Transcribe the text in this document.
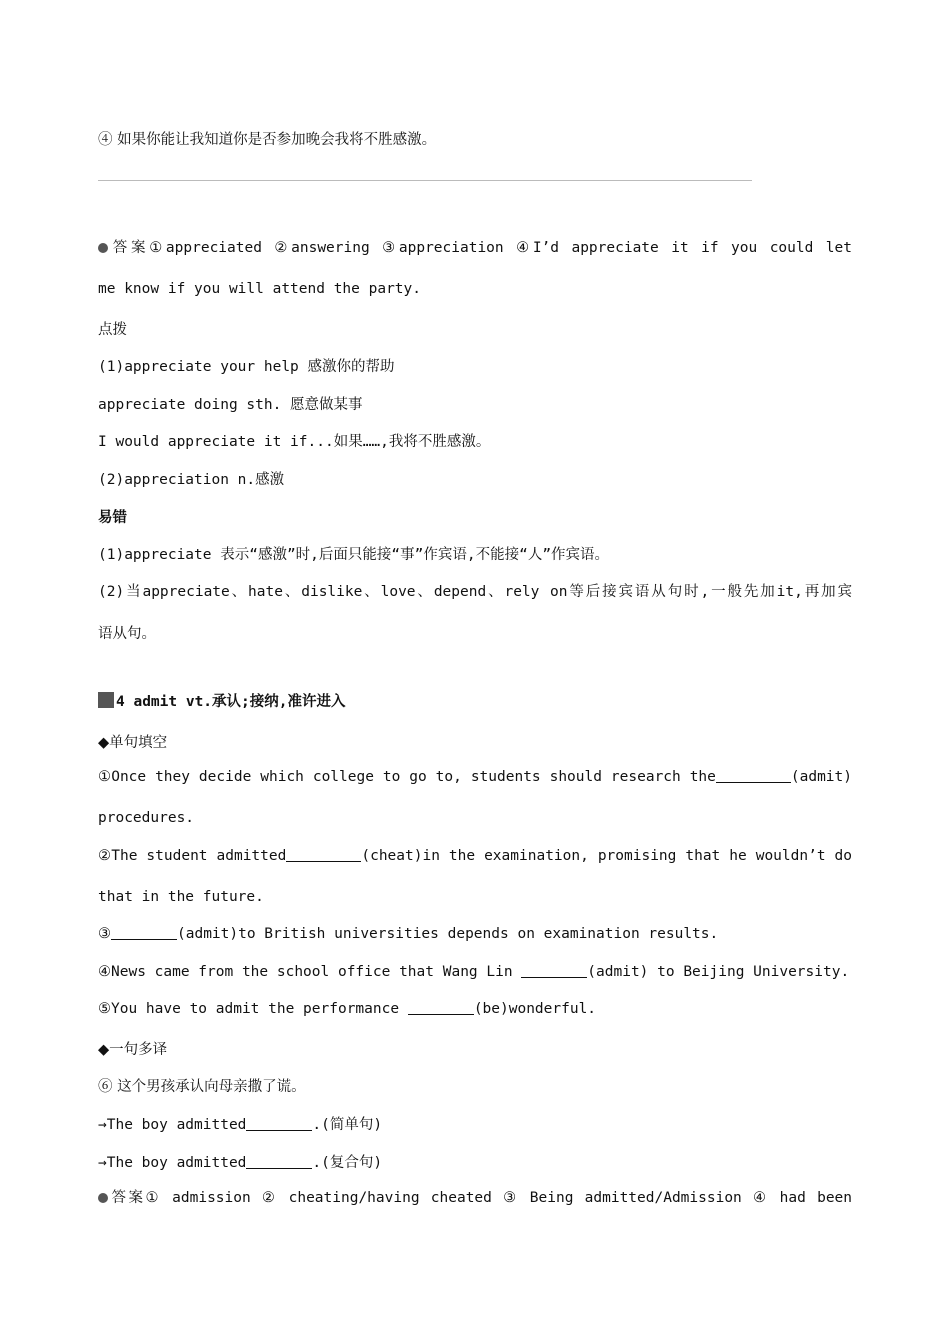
④ 如果你能让我知道你是否参加晚会我将不胜感激。
答案①appreciated ②answering ③appreciation ④I’d appreciate it if you could let
me know if you will attend the party.
点拨
(1)appreciate your help 感激你的帮助
appreciate doing sth. 愿意做某事
I would appreciate it if...如果……,我将不胜感激。
(2)appreciation n.感激
易错
(1)appreciate 表示“感激”时,后面只能接“事”作宾语,不能接“人”作宾语。
(2)当appreciate、hate、dislike、love、depend、rely on等后接宾语从句时,一般先加it,再加宾
语从句。
4 admit vt.承认;接纳,准许进入
◆单句填空
①Once they decide which college to go to, students should research the	(admit)
procedures.
②The student admitted	(cheat)in the examination, promising that he wouldn’t do
that in the future.
③	(admit)to British universities depends on examination results.
④News came from the school office that Wang Lin	(admit) to Beijing University.
⑤You have to admit the performance	(be)wonderful.
◆一句多译
⑥ 这个男孩承认向母亲撒了谎。
→The boy admitted	.(简单句)
→The boy admitted	.(复合句)
答案① admission ② cheating/having cheated ③ Being admitted/Admission ④ had been
